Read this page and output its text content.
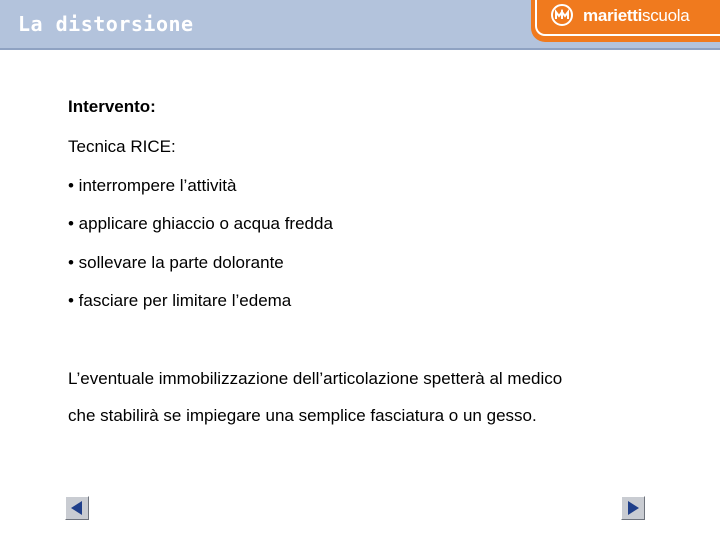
La distorsione	mariettiscuola

Intervento:

Tecnica RICE:

• interrompere l’attività

• applicare ghiaccio o acqua fredda

• sollevare la parte dolorante

• fasciare per limitare l’edema

L’eventuale immobilizzazione dell’articolazione spetterà al medico

che stabilirà se impiegare una semplice fasciatura o un gesso.
